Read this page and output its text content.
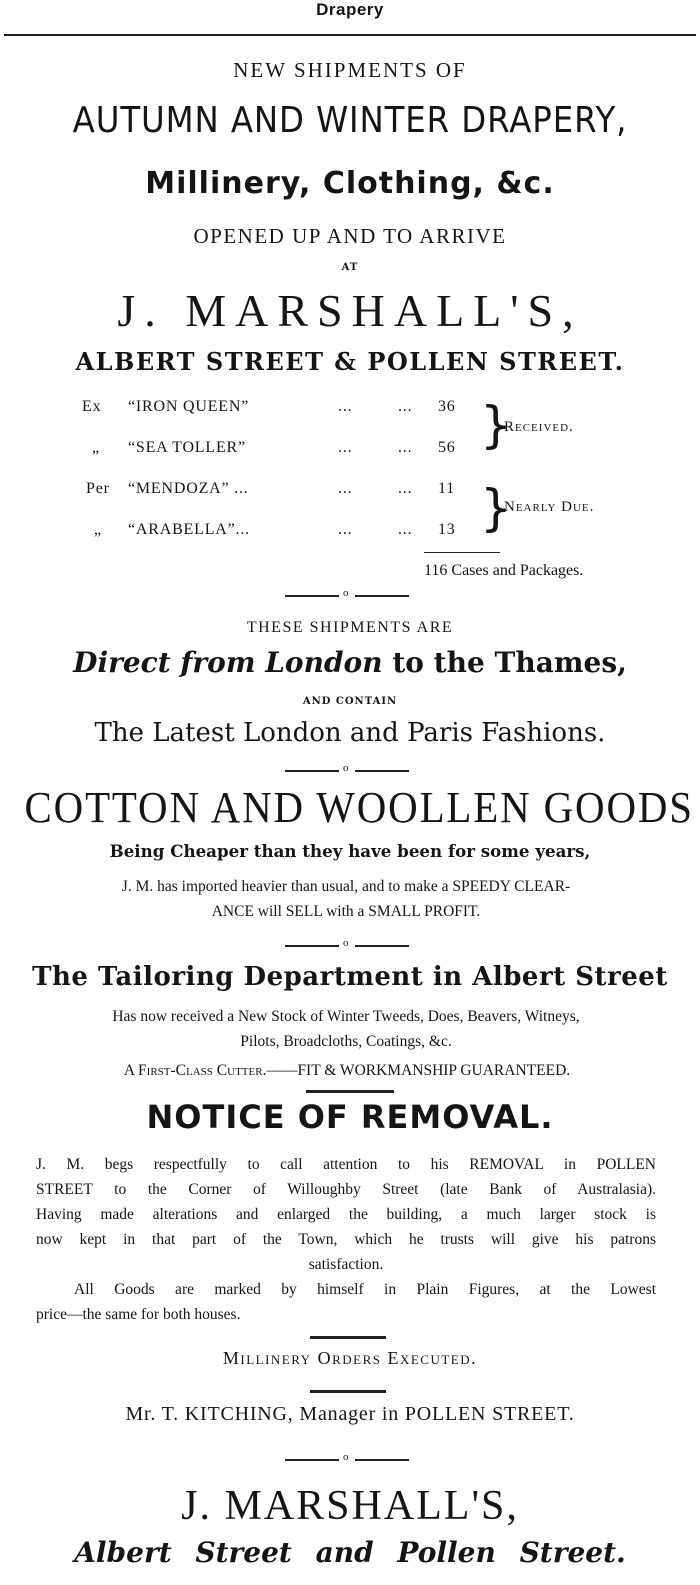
Drapery
NEW SHIPMENTS OF
AUTUMN AND WINTER DRAPERY,
Millinery, Clothing, &c.
OPENED UP AND TO ARRIVE
AT
J. MARSHALL'S,
ALBERT STREET & POLLEN STREET.
Ex	“IRON QUEEN”	...	... 36
„	“SEA TOLLER”	...	... 56
Per	“MENDOZA” ...	...	... 11
„	“ARABELLA”...	...	... 13
}
Received.
}
Nearly Due.
116 Cases and Packages.
o
THESE SHIPMENTS ARE
Direct from London to the Thames,
AND CONTAIN
The Latest London and Paris Fashions.
o
COTTON AND WOOLLEN GOODS
Being Cheaper than they have been for some years,
J. M. has imported heavier than usual, and to make a SPEEDY CLEAR-
ANCE will SELL with a SMALL PROFIT.
o
The Tailoring Department in Albert Street
Has now received a New Stock of Winter Tweeds, Does, Beavers, Witneys,
Pilots, Broadcloths, Coatings, &c.
A First-Class Cutter.——FIT & WORKMANSHIP GUARANTEED.
NOTICE OF REMOVAL.
J. M. begs respectfully to call attention to his REMOVAL in POLLEN
STREET to the Corner of Willoughby Street (late Bank of Australasia).
Having made alterations and enlarged the building, a much larger stock is
now kept in that part of the Town, which he trusts will give his patrons
satisfaction.
All Goods are marked by himself in Plain Figures, at the Lowest
price—the same for both houses.
Millinery Orders Executed.
Mr. T. KITCHING, Manager in POLLEN STREET.
o
J. MARSHALL'S,
Albert Street and Pollen Street.
